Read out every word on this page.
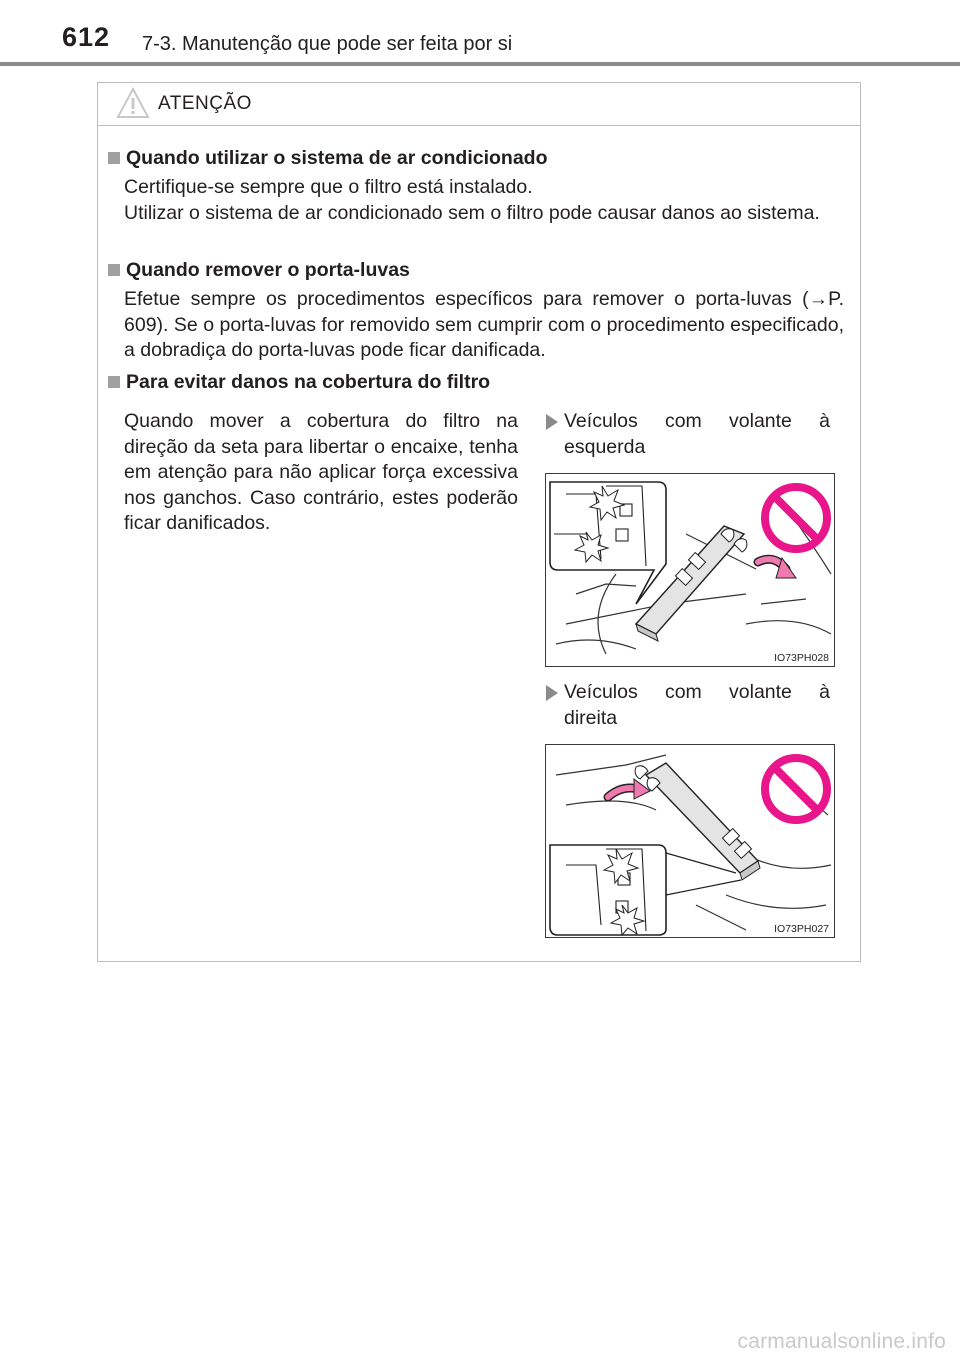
612 7-3. Manutenção que pode ser feita por si
ATENÇÃO
Quando utilizar o sistema de ar condicionado

Certifique-se sempre que o filtro está instalado.

Utilizar o sistema de ar condicionado sem o filtro pode causar danos ao sistema.

Quando remover o porta-luvas
Efetue sempre os procedimentos específicos para remover o porta-luvas (→P. 609). Se o porta-luvas for removido sem cumprir com o procedimento especificado, a dobradiça do porta-luvas pode ficar danificada.
Para evitar danos na cobertura do filtro
Quando mover a cobertura do filtro na direção da seta para libertar o encaixe, tenha em atenção para não aplicar força excessiva nos ganchos. Caso contrário, estes poderão ficar danificados.
Veículos com volante à
esquerda
IO73PH028
Veículos com volante à
direita
IO73PH027
carmanualsonline.info
